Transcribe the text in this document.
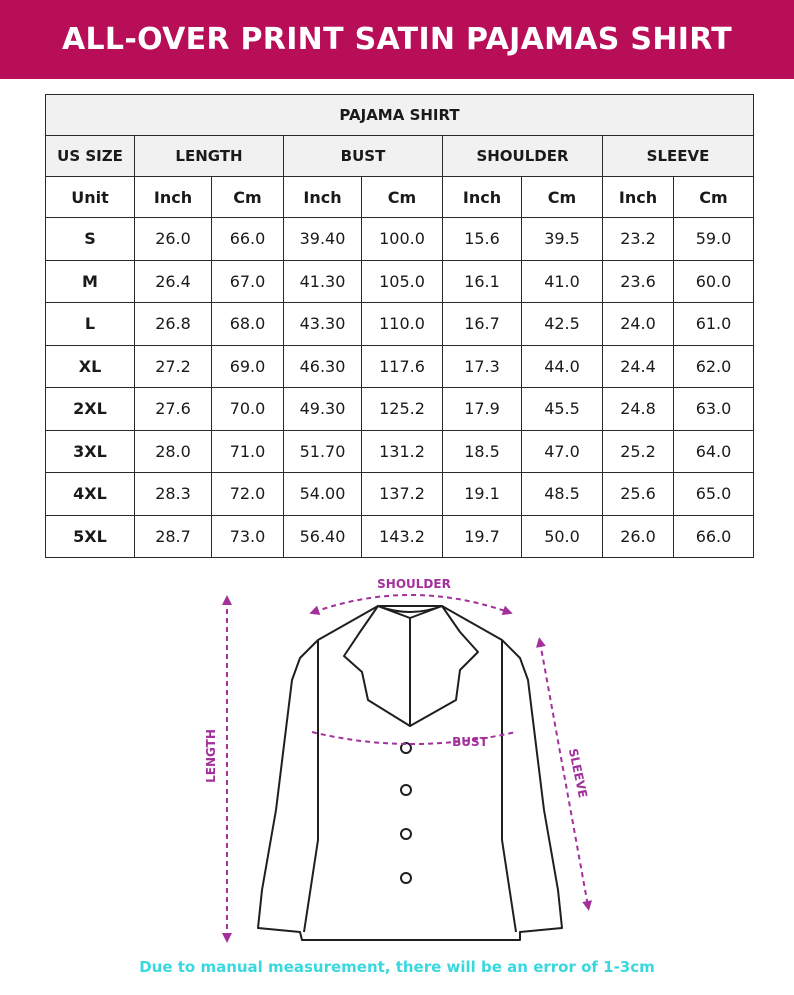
ALL-OVER PRINT SATIN PAJAMAS SHIRT
PAJAMA SHIRT								
US SIZE	LENGTH		BUST		SHOULDER		SLEEVE	
Unit	Inch	Cm	Inch	Cm	Inch	Cm	Inch	Cm
S	26.0	66.0	39.40	100.0	15.6	39.5	23.2	59.0
M	26.4	67.0	41.30	105.0	16.1	41.0	23.6	60.0
L	26.8	68.0	43.30	110.0	16.7	42.5	24.0	61.0
XL	27.2	69.0	46.30	117.6	17.3	44.0	24.4	62.0
2XL	27.6	70.0	49.30	125.2	17.9	45.5	24.8	63.0
3XL	28.0	71.0	51.70	131.2	18.5	47.0	25.2	64.0
4XL	28.3	72.0	54.00	137.2	19.1	48.5	25.6	65.0
5XL	28.7	73.0	56.40	143.2	19.7	50.0	26.0	66.0
SHOULDER
BUST
LENGTH	SLEEVE
Due to manual measurement, there will be an error of 1-3cm
